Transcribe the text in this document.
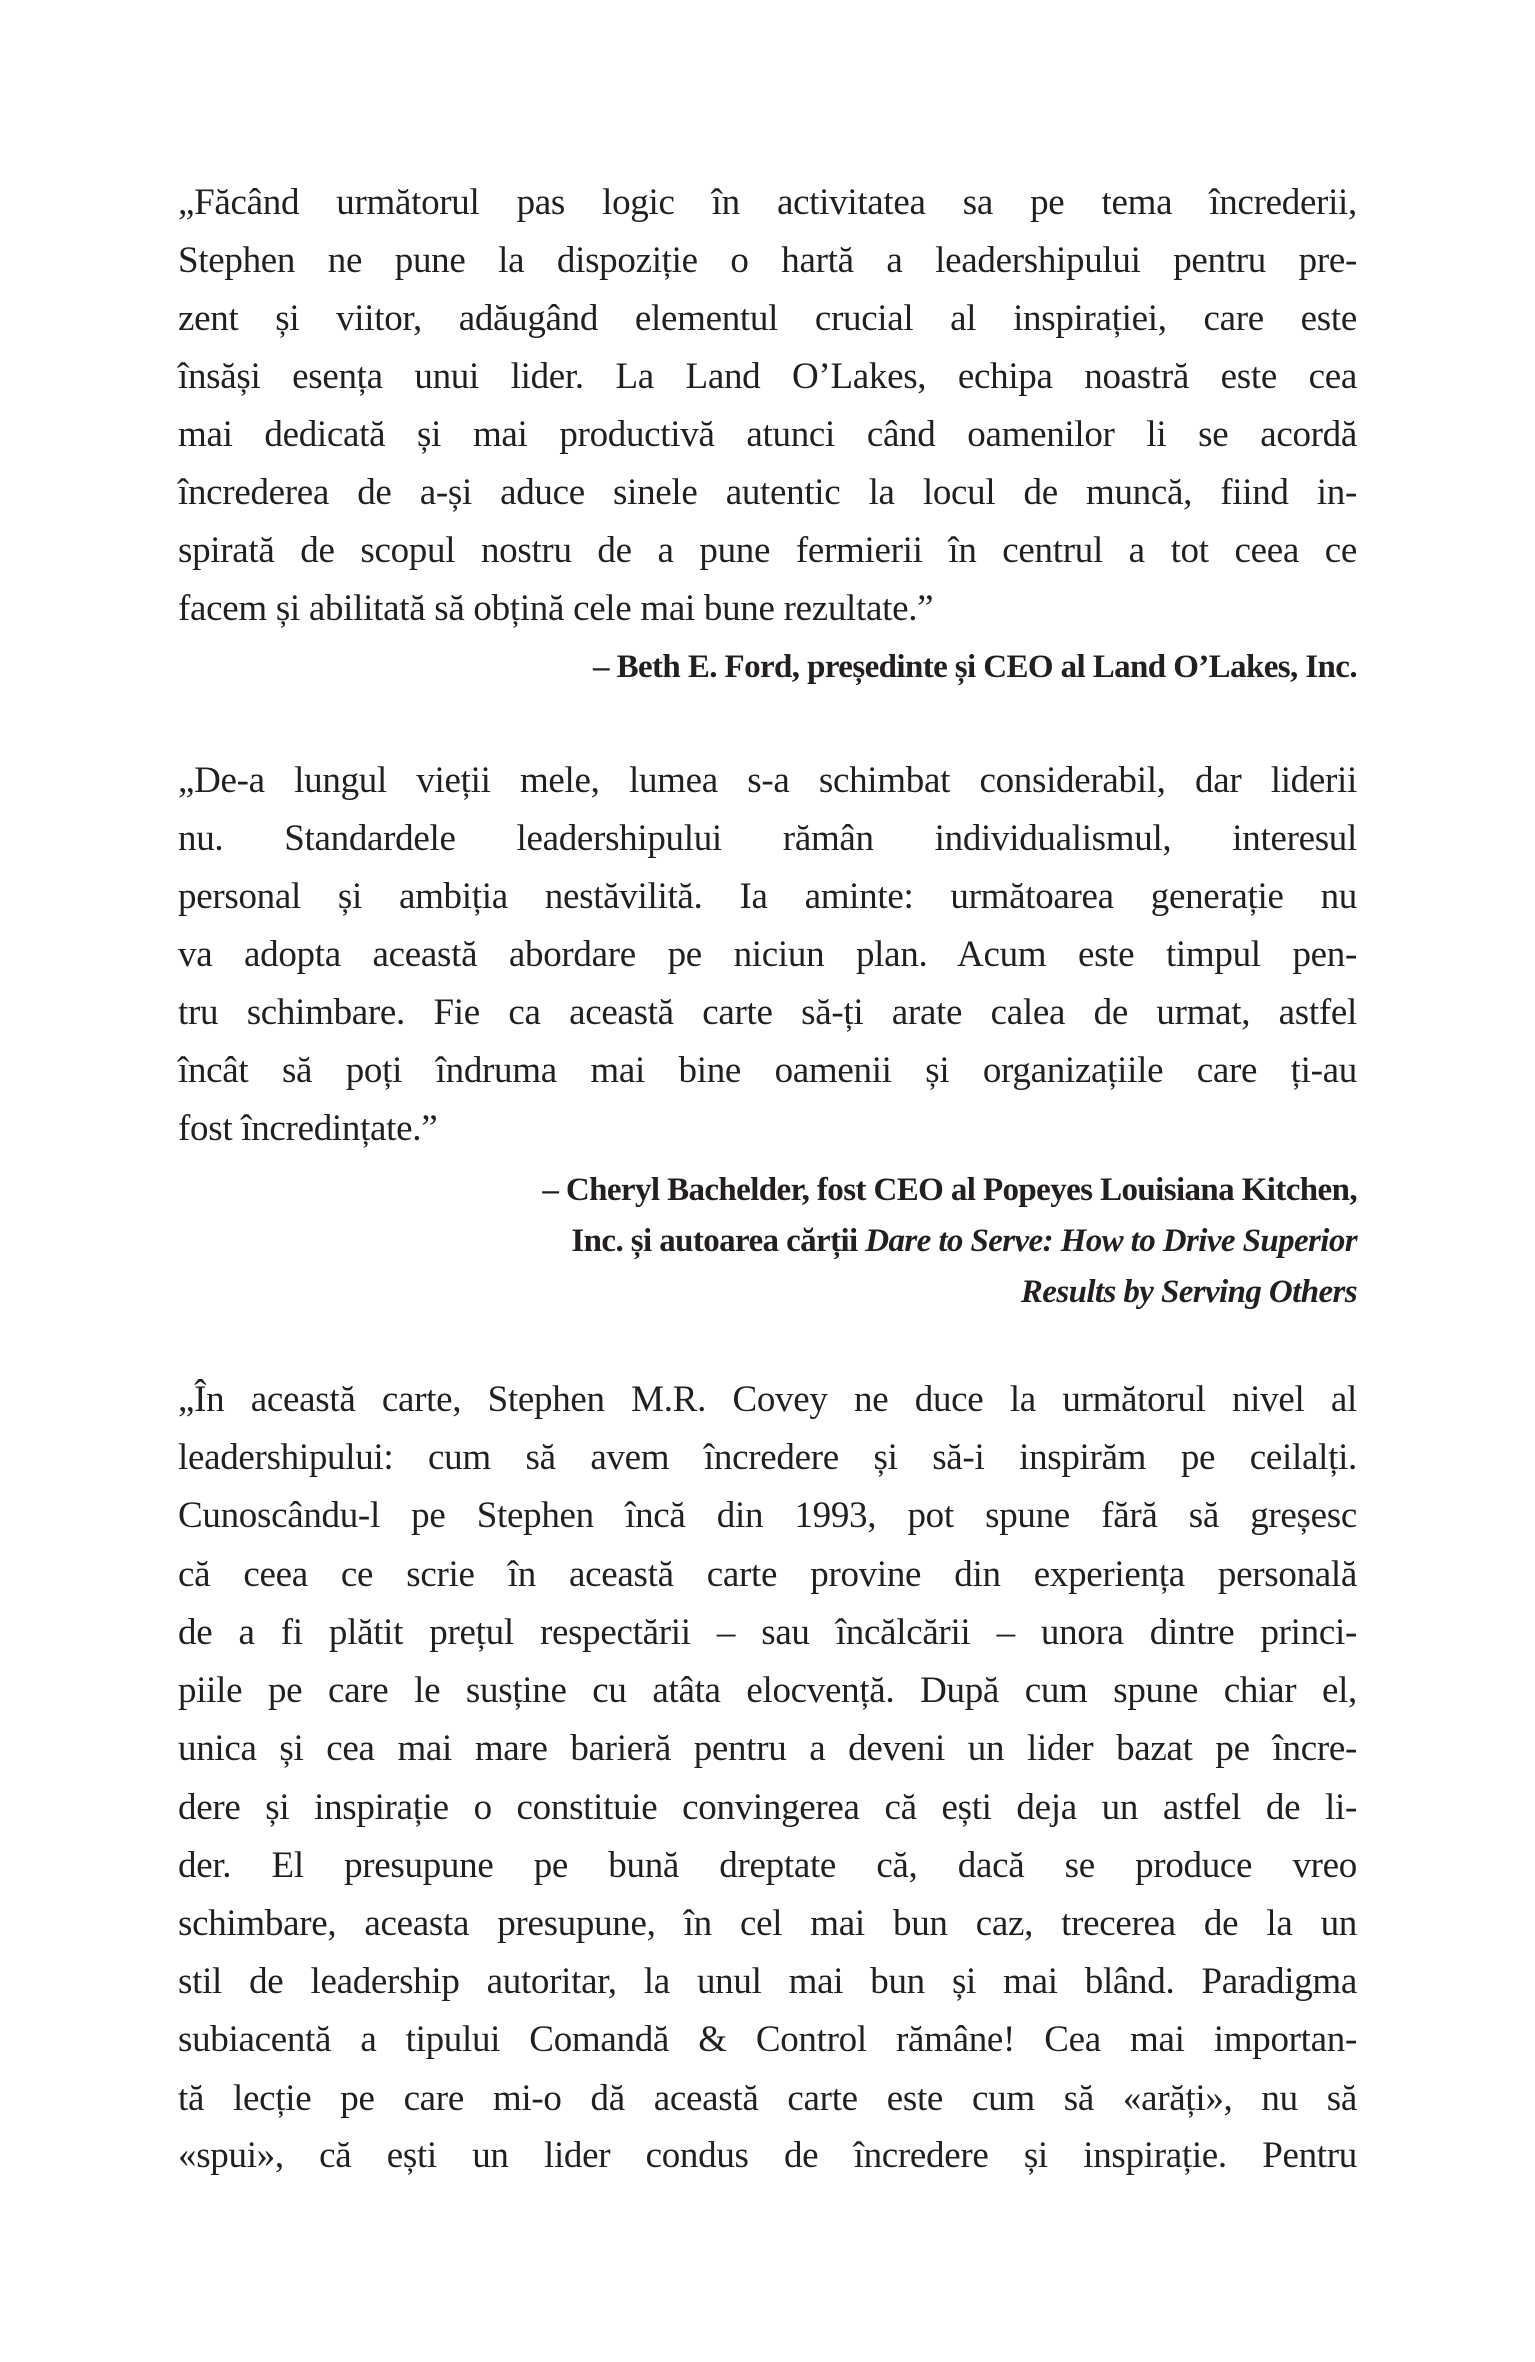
„Făcând următorul pas logic în activitatea sa pe tema încrederii,
Stephen ne pune la dispoziție o hartă a leadershipului pentru pre-
zent și viitor, adăugând elementul crucial al inspirației, care este
însăși esența unui lider. La Land O’Lakes, echipa noastră este cea
mai dedicată și mai productivă atunci când oamenilor li se acordă
încrederea de a-și aduce sinele autentic la locul de muncă, fiind in-
spirată de scopul nostru de a pune fermierii în centrul a tot ceea ce
facem și abilitată să obțină cele mai bune rezultate.”
– Beth E. Ford, președinte și CEO al Land O’Lakes, Inc.
„De-a lungul vieții mele, lumea s-a schimbat considerabil, dar liderii
nu. Standardele leadershipului rămân individualismul, interesul
personal și ambiția nestăvilită. Ia aminte: următoarea generație nu
va adopta această abordare pe niciun plan. Acum este timpul pen-
tru schimbare. Fie ca această carte să-ți arate calea de urmat, astfel
încât să poți îndruma mai bine oamenii și organizațiile care ți-au
fost încredințate.”
– Cheryl Bachelder, fost CEO al Popeyes Louisiana Kitchen,
Inc. și autoarea cărții Dare to Serve: How to Drive Superior
Results by Serving Others
„În această carte, Stephen M.R. Covey ne duce la următorul nivel al
leadershipului: cum să avem încredere și să-i inspirăm pe ceilalți.
Cunoscându-l pe Stephen încă din 1993, pot spune fără să greșesc
că ceea ce scrie în această carte provine din experiența personală
de a fi plătit prețul respectării – sau încălcării – unora dintre princi-
piile pe care le susține cu atâta elocvență. După cum spune chiar el,
unica și cea mai mare barieră pentru a deveni un lider bazat pe încre-
dere și inspirație o constituie convingerea că ești deja un astfel de li-
der. El presupune pe bună dreptate că, dacă se produce vreo
schimbare, aceasta presupune, în cel mai bun caz, trecerea de la un
stil de leadership autoritar, la unul mai bun și mai blând. Paradigma
subiacentă a tipului Comandă & Control rămâne! Cea mai importan-
tă lecție pe care mi-o dă această carte este cum să «arăți», nu să
«spui», că ești un lider condus de încredere și inspirație. Pentru
